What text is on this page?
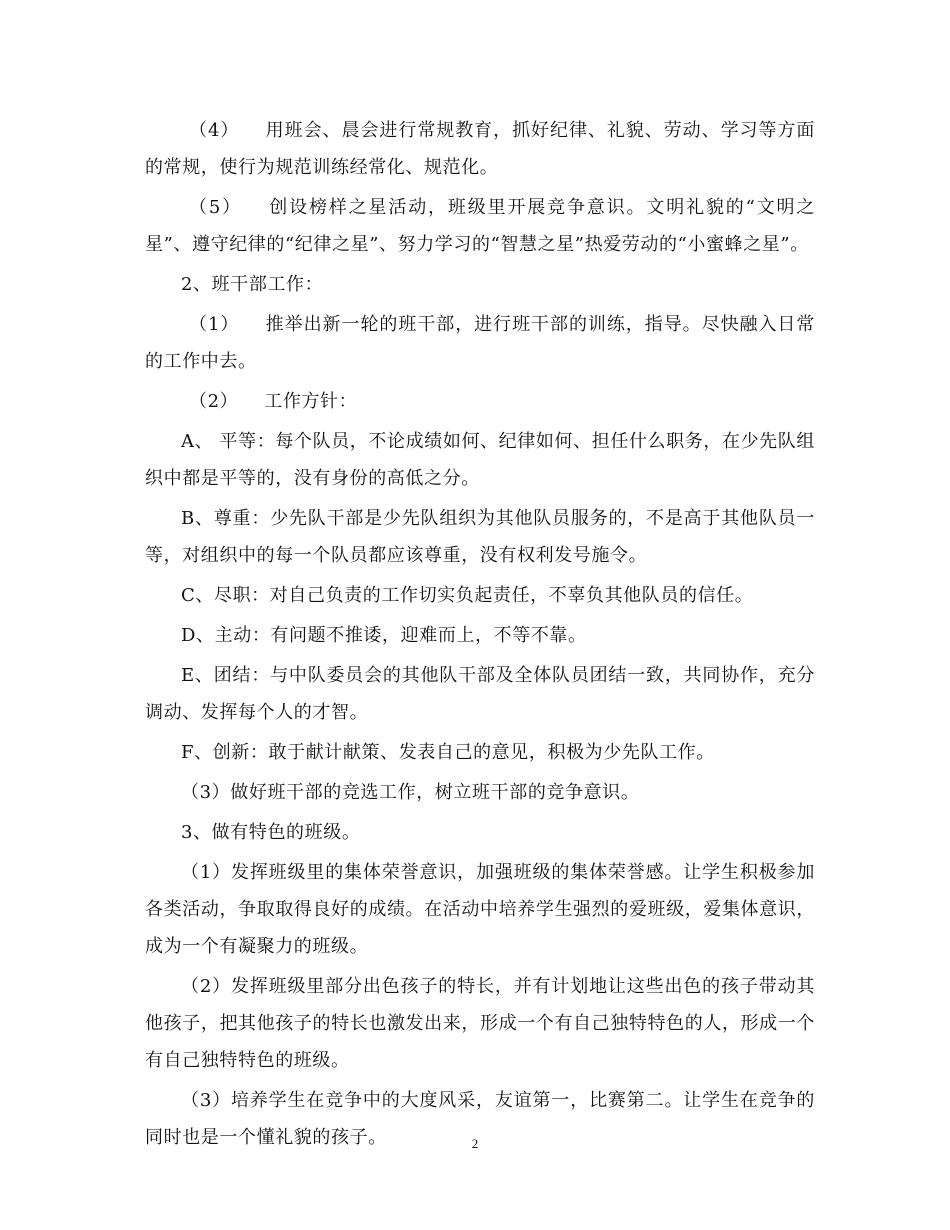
（4） 用班会、晨会进行常规教育，抓好纪律、礼貌、劳动、学习等方面的常规，使行为规范训练经常化、规范化。

（5） 创设榜样之星活动，班级里开展竞争意识。文明礼貌的“文明之星”、遵守纪律的“纪律之星”、努力学习的“智慧之星”热爱劳动的“小蜜蜂之星”。

2、班干部工作：

（1） 推举出新一轮的班干部，进行班干部的训练，指导。尽快融入日常的工作中去。

（2） 工作方针：

A、 平等：每个队员，不论成绩如何、纪律如何、担任什么职务，在少先队组织中都是平等的，没有身份的高低之分。

B、尊重：少先队干部是少先队组织为其他队员服务的，不是高于其他队员一等，对组织中的每一个队员都应该尊重，没有权利发号施令。

C、尽职：对自己负责的工作切实负起责任，不辜负其他队员的信任。

D、主动：有问题不推诿，迎难而上，不等不靠。

E、团结：与中队委员会的其他队干部及全体队员团结一致，共同协作，充分调动、发挥每个人的才智。

F、创新：敢于献计献策、发表自己的意见，积极为少先队工作。

（3）做好班干部的竞选工作，树立班干部的竞争意识。

3、做有特色的班级。

（1）发挥班级里的集体荣誉意识，加强班级的集体荣誉感。让学生积极参加各类活动，争取取得良好的成绩。在活动中培养学生强烈的爱班级，爱集体意识，成为一个有凝聚力的班级。

（2）发挥班级里部分出色孩子的特长，并有计划地让这些出色的孩子带动其他孩子，把其他孩子的特长也激发出来，形成一个有自己独特特色的人，形成一个有自己独特特色的班级。

（3）培养学生在竞争中的大度风采，友谊第一，比赛第二。让学生在竞争的同时也是一个懂礼貌的孩子。	2
